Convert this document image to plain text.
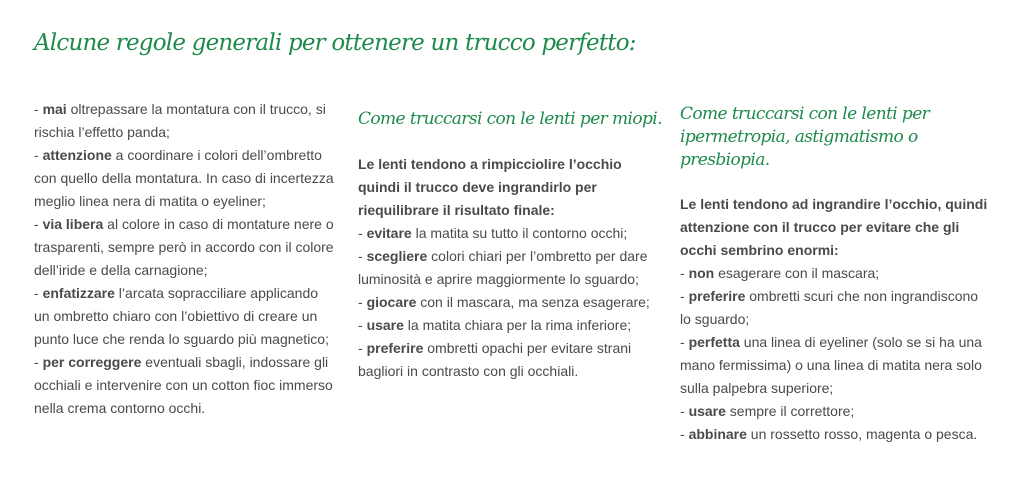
Alcune regole generali per ottenere un trucco perfetto:
- mai oltrepassare la montatura con il trucco, si rischia l’effetto panda;
- attenzione a coordinare i colori dell’ombretto con quello della montatura. In caso di incertezza meglio linea nera di matita o eyeliner;
- via libera al colore in caso di montature nere o trasparenti, sempre però in accordo con il colore dell’iride e della carnagione;
- enfatizzare l’arcata sopracciliare applicando un ombretto chiaro con l’obiettivo di creare un punto luce che renda lo sguardo più magnetico;
- per correggere eventuali sbagli, indossare gli occhiali e intervenire con un cotton fioc immerso nella crema contorno occhi.
Come truccarsi con le lenti per miopi.

Le lenti tendono a rimpicciolire l’occhio quindi il trucco deve ingrandirlo per riequilibrare il risultato finale:

- evitare la matita su tutto il contorno occhi;
- scegliere colori chiari per l’ombretto per dare luminosità e aprire maggiormente lo sguardo;
- giocare con il mascara, ma senza esagerare;
- usare la matita chiara per la rima inferiore;
- preferire ombretti opachi per evitare strani bagliori in contrasto con gli occhiali.
Come truccarsi con le lenti per ipermetropia, astigmatismo o presbiopia.

Le lenti tendono ad ingrandire l’occhio, quindi attenzione con il trucco per evitare che gli occhi sembrino enormi:

- non esagerare con il mascara;
- preferire ombretti scuri che non ingrandiscono lo sguardo;
- perfetta una linea di eyeliner (solo se si ha una mano fermissima) o una linea di matita nera solo sulla palpebra superiore;
- usare sempre il correttore;
- abbinare un rossetto rosso, magenta o pesca.
